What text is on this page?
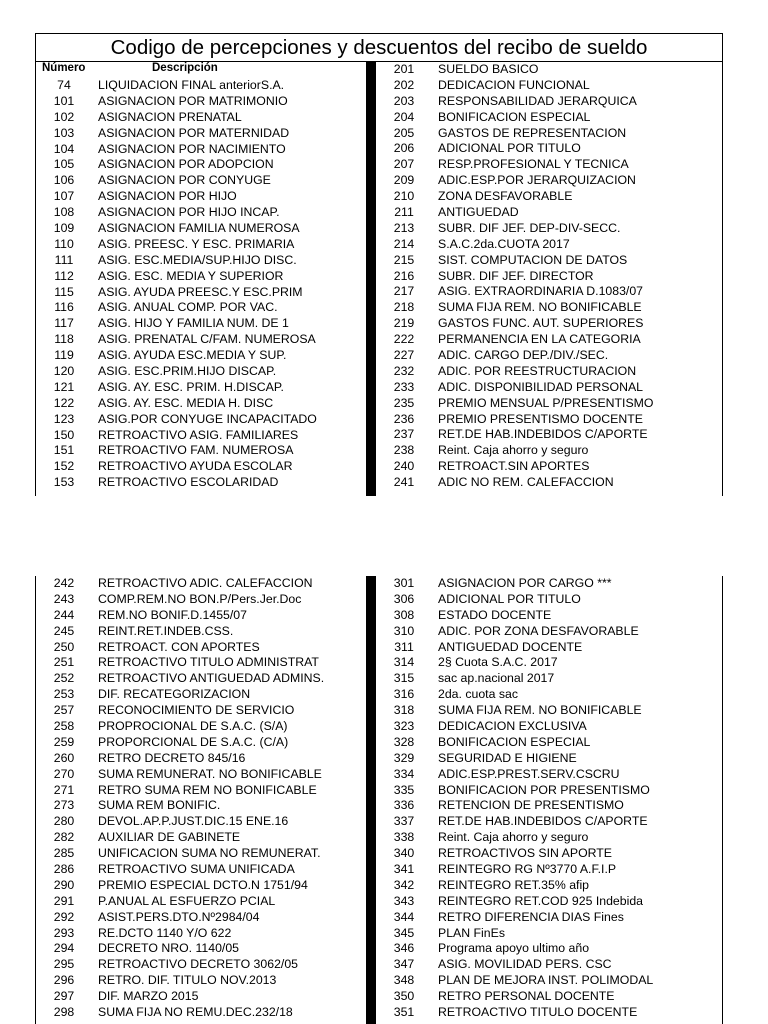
Codigo de percepciones y descuentos del recibo de sueldo
Número	Descripción
74	LIQUIDACION FINAL anteriorS.A.
101	ASIGNACION POR MATRIMONIO
102	ASIGNACION PRENATAL
103	ASIGNACION POR MATERNIDAD
104	ASIGNACION POR NACIMIENTO
105	ASIGNACION POR ADOPCION
106	ASIGNACION POR CONYUGE
107	ASIGNACION POR HIJO
108	ASIGNACION POR HIJO INCAP.
109	ASIGNACION FAMILIA NUMEROSA
110	ASIG. PREESC. Y ESC. PRIMARIA
111	ASIG. ESC.MEDIA/SUP.HIJO DISC.
112	ASIG. ESC. MEDIA Y SUPERIOR
115	ASIG. AYUDA PREESC.Y ESC.PRIM
116	ASIG. ANUAL COMP. POR VAC.
117	ASIG. HIJO Y FAMILIA NUM. DE 1
118	ASIG. PRENATAL C/FAM. NUMEROSA
119	ASIG. AYUDA ESC.MEDIA Y SUP.
120	ASIG. ESC.PRIM.HIJO DISCAP.
121	ASIG. AY. ESC. PRIM. H.DISCAP.
122	ASIG. AY. ESC. MEDIA H. DISC
123	ASIG.POR CONYUGE INCAPACITADO
150	RETROACTIVO ASIG. FAMILIARES
151	RETROACTIVO FAM. NUMEROSA
152	RETROACTIVO AYUDA ESCOLAR
153	RETROACTIVO ESCOLARIDAD
201	SUELDO BASICO
202	DEDICACION FUNCIONAL
203	RESPONSABILIDAD JERARQUICA
204	BONIFICACION ESPECIAL
205	GASTOS DE REPRESENTACION
206	ADICIONAL POR TITULO
207	RESP.PROFESIONAL Y TECNICA
209	ADIC.ESP.POR JERARQUIZACION
210	ZONA DESFAVORABLE
211	ANTIGUEDAD
213	SUBR. DIF JEF. DEP-DIV-SECC.
214	S.A.C.2da.CUOTA 2017
215	SIST. COMPUTACION DE DATOS
216	SUBR. DIF JEF. DIRECTOR
217	ASIG. EXTRAORDINARIA D.1083/07
218	SUMA FIJA REM. NO BONIFICABLE
219	GASTOS FUNC. AUT. SUPERIORES
222	PERMANENCIA EN LA CATEGORIA
227	ADIC. CARGO DEP./DIV./SEC.
232	ADIC. POR REESTRUCTURACION
233	ADIC. DISPONIBILIDAD PERSONAL
235	PREMIO MENSUAL P/PRESENTISMO
236	PREMIO PRESENTISMO DOCENTE
237	RET.DE HAB.INDEBIDOS C/APORTE
238	Reint. Caja ahorro y seguro
240	RETROACT.SIN APORTES
241	ADIC NO REM. CALEFACCION
242	RETROACTIVO ADIC. CALEFACCION
243	COMP.REM.NO BON.P/Pers.Jer.Doc
244	REM.NO BONIF.D.1455/07
245	REINT.RET.INDEB.CSS.
250	RETROACT. CON APORTES
251	RETROACTIVO TITULO ADMINISTRAT
252	RETROACTIVO ANTIGUEDAD ADMINS.
253	DIF. RECATEGORIZACION
257	RECONOCIMIENTO DE SERVICIO
258	PROPROCIONAL DE S.A.C. (S/A)
259	PROPORCIONAL DE S.A.C. (C/A)
260	RETRO DECRETO 845/16
270	SUMA REMUNERAT. NO BONIFICABLE
271	RETRO SUMA REM NO BONIFICABLE
273	SUMA REM BONIFIC.
280	DEVOL.AP.P.JUST.DIC.15 ENE.16
282	AUXILIAR DE GABINETE
285	UNIFICACION SUMA NO REMUNERAT.
286	RETROACTIVO SUMA UNIFICADA
290	PREMIO ESPECIAL DCTO.N 1751/94
291	P.ANUAL AL ESFUERZO PCIAL
292	ASIST.PERS.DTO.Nº2984/04
293	RE.DCTO 1140 Y/O 622
294	DECRETO NRO. 1140/05
295	RETROACTIVO DECRETO 3062/05
296	RETRO. DIF. TITULO NOV.2013
297	DIF. MARZO 2015
298	SUMA FIJA NO REMU.DEC.232/18
301	ASIGNACION POR CARGO ***
306	ADICIONAL POR TITULO
308	ESTADO DOCENTE
310	ADIC. POR ZONA DESFAVORABLE
311	ANTIGUEDAD DOCENTE
314	2§ Cuota S.A.C. 2017
315	sac ap.nacional 2017
316	2da. cuota sac
318	SUMA FIJA REM. NO BONIFICABLE
323	DEDICACION EXCLUSIVA
328	BONIFICACION ESPECIAL
329	SEGURIDAD E HIGIENE
334	ADIC.ESP.PREST.SERV.CSCRU
335	BONIFICACION POR PRESENTISMO
336	RETENCION DE PRESENTISMO
337	RET.DE HAB.INDEBIDOS C/APORTE
338	Reint. Caja ahorro y seguro
340	RETROACTIVOS SIN APORTE
341	REINTEGRO RG Nº3770 A.F.I.P
342	REINTEGRO RET.35% afip
343	REINTEGRO RET.COD 925 Indebida
344	RETRO DIFERENCIA DIAS Fines
345	PLAN FinEs
346	Programa apoyo ultimo año
347	ASIG. MOVILIDAD PERS. CSC
348	PLAN DE MEJORA INST. POLIMODAL
350	RETRO PERSONAL DOCENTE
351	RETROACTIVO TITULO DOCENTE
